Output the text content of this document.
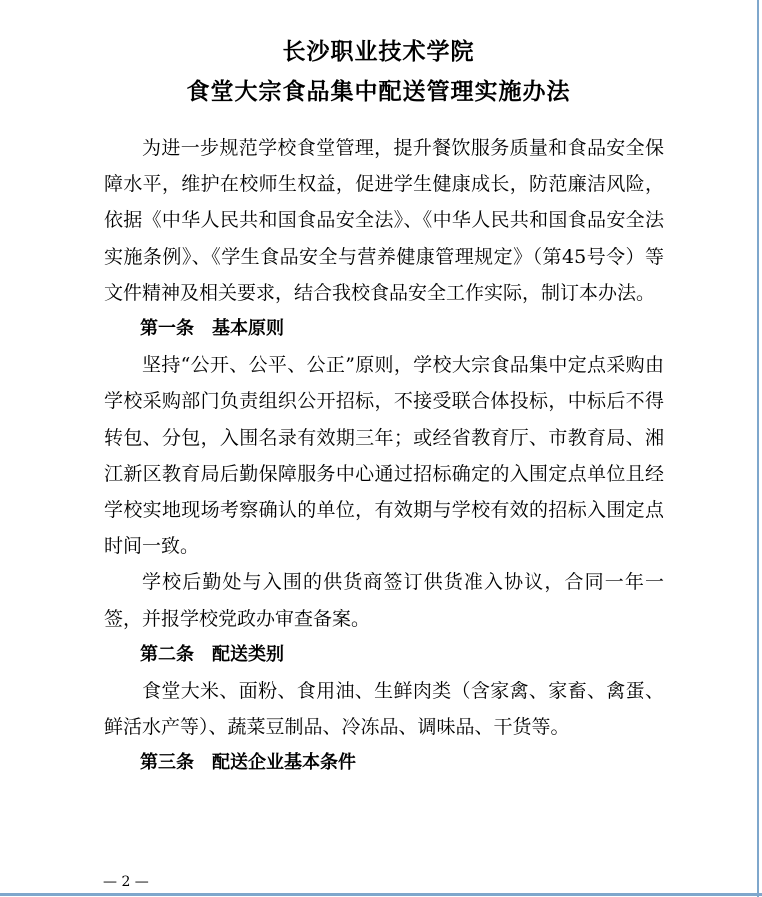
长沙职业技术学院
食堂大宗食品集中配送管理实施办法

为进一步规范学校食堂管理，提升餐饮服务质量和食品安全保障水平，维护在校师生权益，促进学生健康成长，防范廉洁风险，依据《中华人民共和国食品安全法》、《中华人民共和国食品安全法实施条例》、《学生食品安全与营养健康管理规定》（第45号令）等文件精神及相关要求，结合我校食品安全工作实际，制订本办法。

第一条　基本原则

坚持“公开、公平、公正”原则，学校大宗食品集中定点采购由学校采购部门负责组织公开招标，不接受联合体投标，中标后不得转包、分包，入围名录有效期三年；或经省教育厅、市教育局、湘江新区教育局后勤保障服务中心通过招标确定的入围定点单位且经学校实地现场考察确认的单位，有效期与学校有效的招标入围定点时间一致。

学校后勤处与入围的供货商签订供货准入协议，合同一年一签，并报学校党政办审查备案。

第二条　配送类别

食堂大米、面粉、食用油、生鲜肉类（含家禽、家畜、禽蛋、鲜活水产等）、蔬菜豆制品、冷冻品、调味品、干货等。

第三条　配送企业基本条件

— 2 —
